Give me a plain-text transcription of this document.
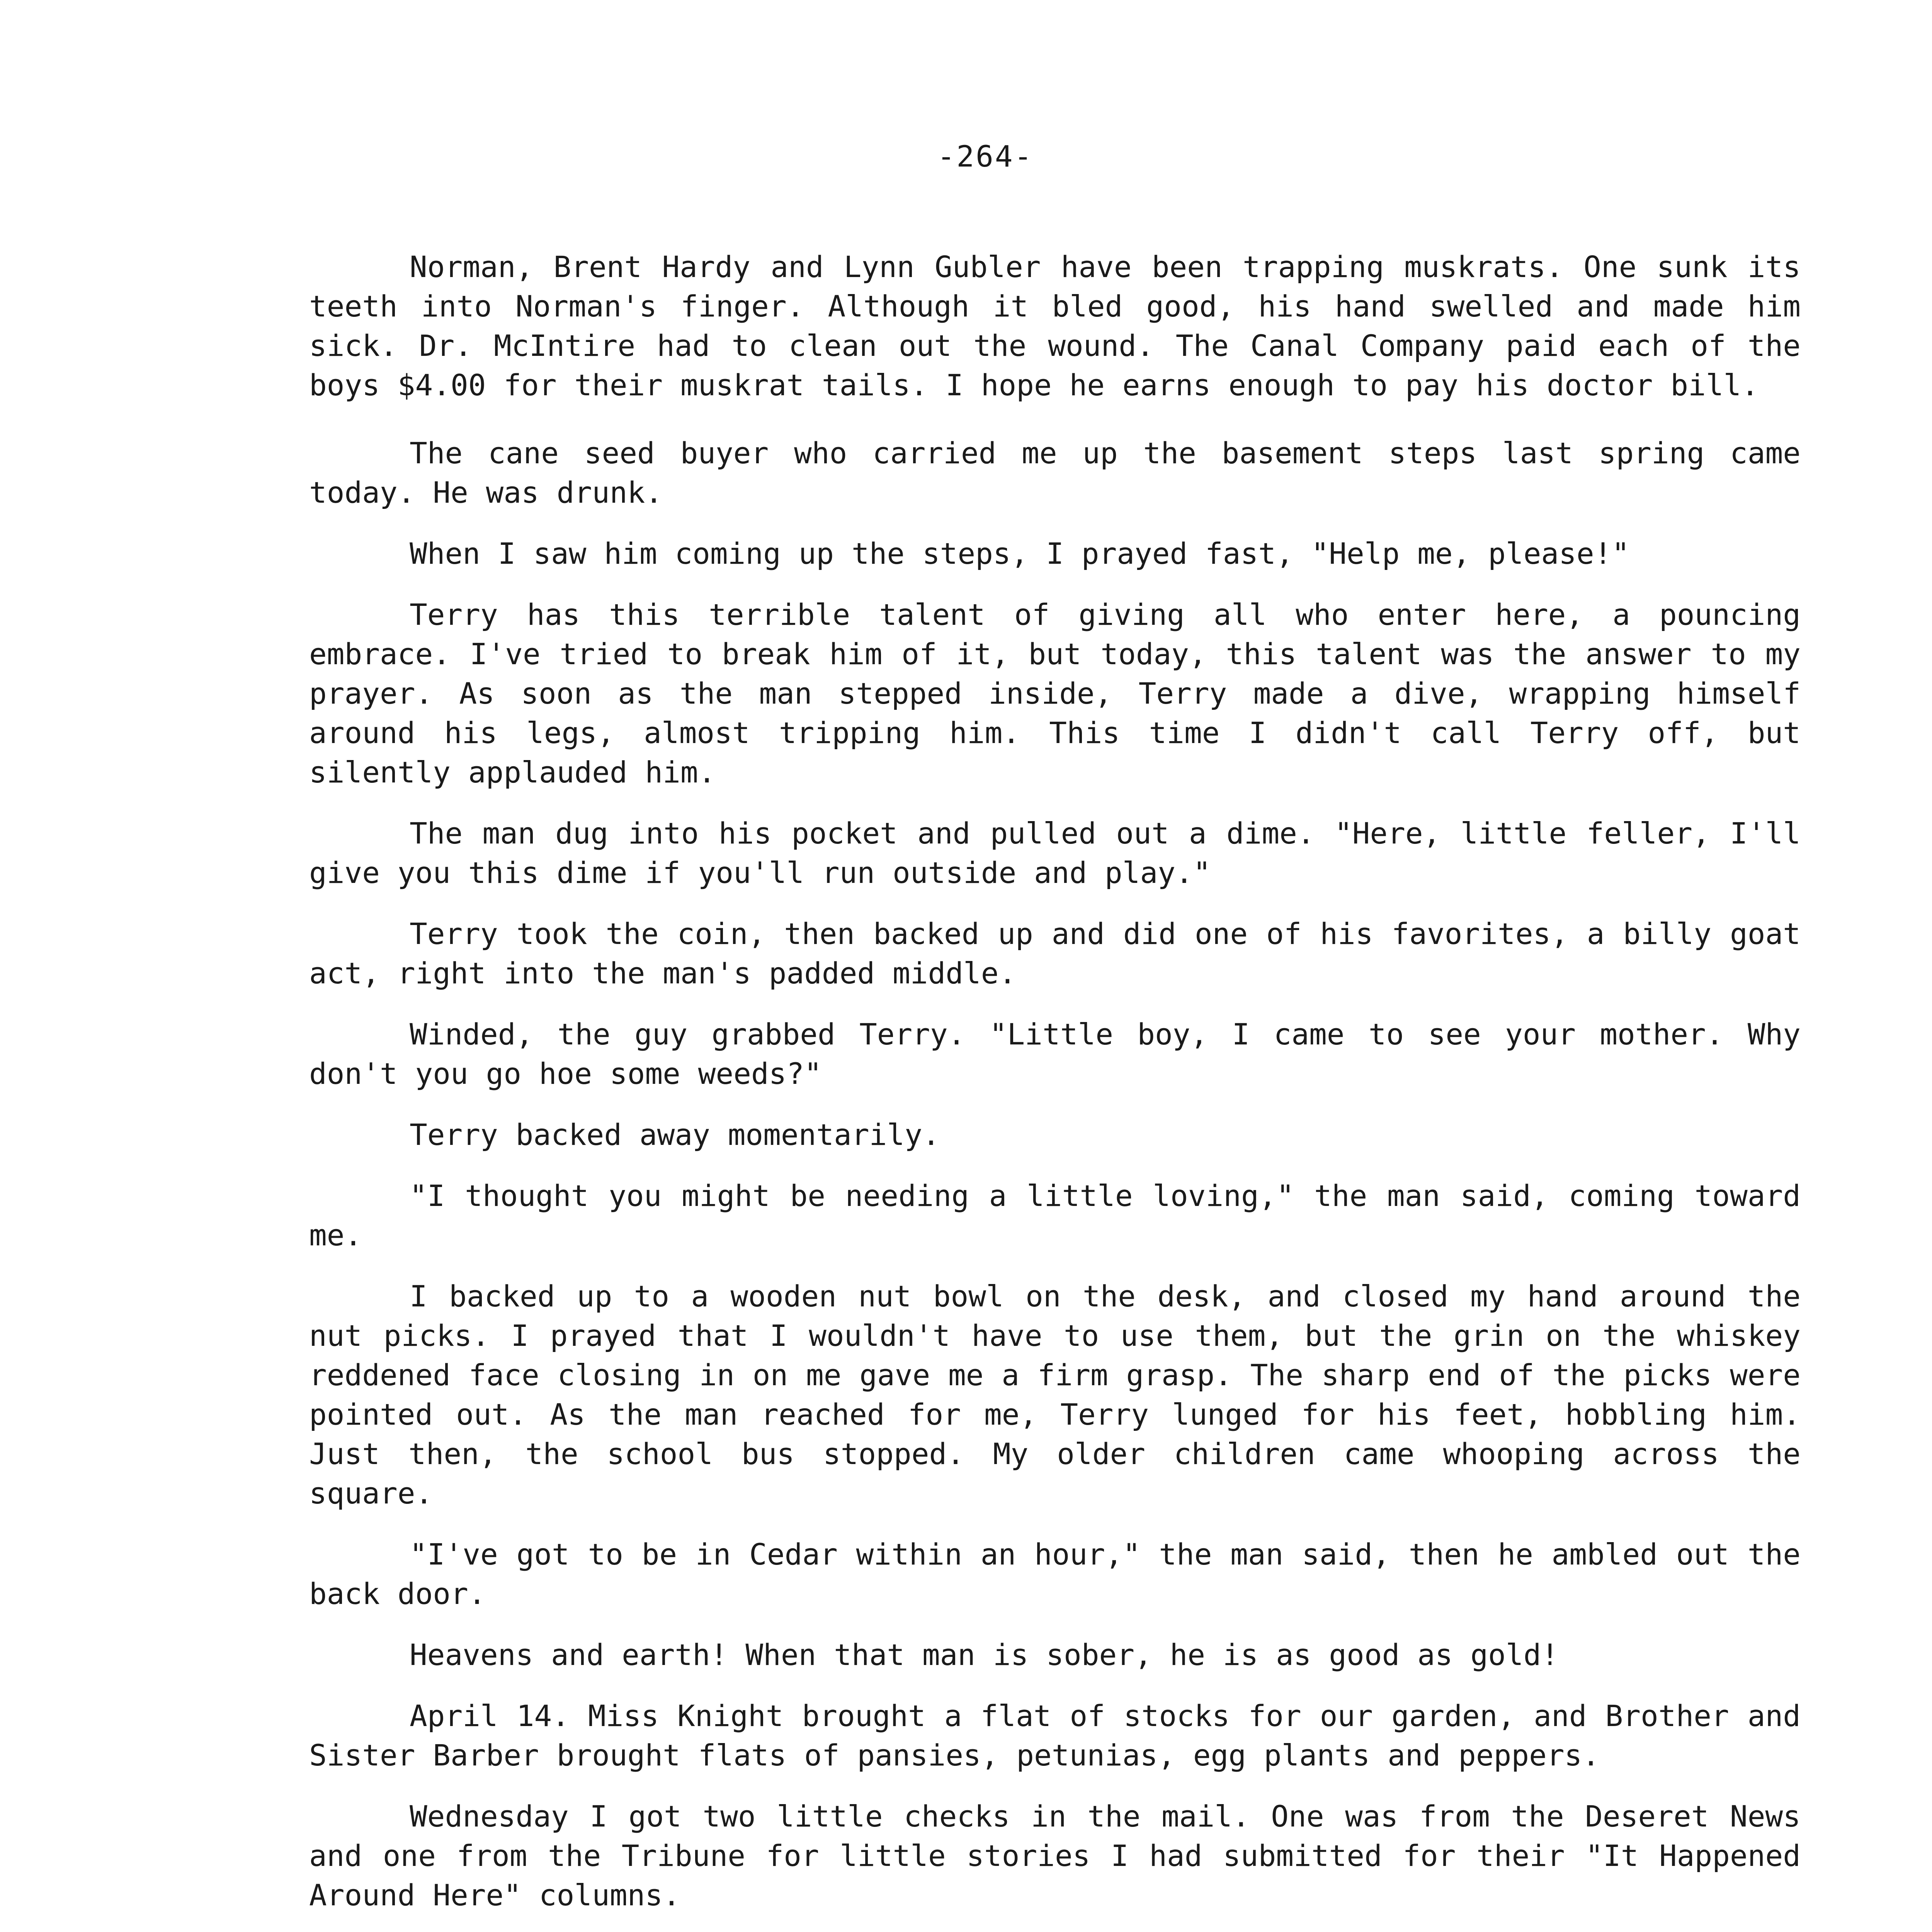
-264-

Norman, Brent Hardy and Lynn Gubler have been trapping muskrats. One sunk its teeth into Norman's finger. Although it bled good, his hand swelled and made him sick. Dr. McIntire had to clean out the wound. The Canal Company paid each of the boys $4.00 for their muskrat tails. I hope he earns enough to pay his doctor bill.

The cane seed buyer who carried me up the basement steps last spring came today. He was drunk.

When I saw him coming up the steps, I prayed fast, "Help me, please!"

Terry has this terrible talent of giving all who enter here, a pouncing embrace. I've tried to break him of it, but today, this talent was the answer to my prayer. As soon as the man stepped inside, Terry made a dive, wrapping himself around his legs, almost tripping him. This time I didn't call Terry off, but silently applauded him.

The man dug into his pocket and pulled out a dime. "Here, little feller, I'll give you this dime if you'll run outside and play."

Terry took the coin, then backed up and did one of his favorites, a billy goat act, right into the man's padded middle.

Winded, the guy grabbed Terry. "Little boy, I came to see your mother. Why don't you go hoe some weeds?"

Terry backed away momentarily.

"I thought you might be needing a little loving," the man said, coming toward me.

I backed up to a wooden nut bowl on the desk, and closed my hand around the nut picks. I prayed that I wouldn't have to use them, but the grin on the whiskey reddened face closing in on me gave me a firm grasp. The sharp end of the picks were pointed out. As the man reached for me, Terry lunged for his feet, hobbling him. Just then, the school bus stopped. My older children came whooping across the square.

"I've got to be in Cedar within an hour," the man said, then he ambled out the back door.

Heavens and earth! When that man is sober, he is as good as gold!

April 14. Miss Knight brought a flat of stocks for our garden, and Brother and Sister Barber brought flats of pansies, petunias, egg plants and peppers.

Wednesday I got two little checks in the mail. One was from the Deseret News and one from the Tribune for little stories I had submitted for their "It Happened Around Here" columns.
